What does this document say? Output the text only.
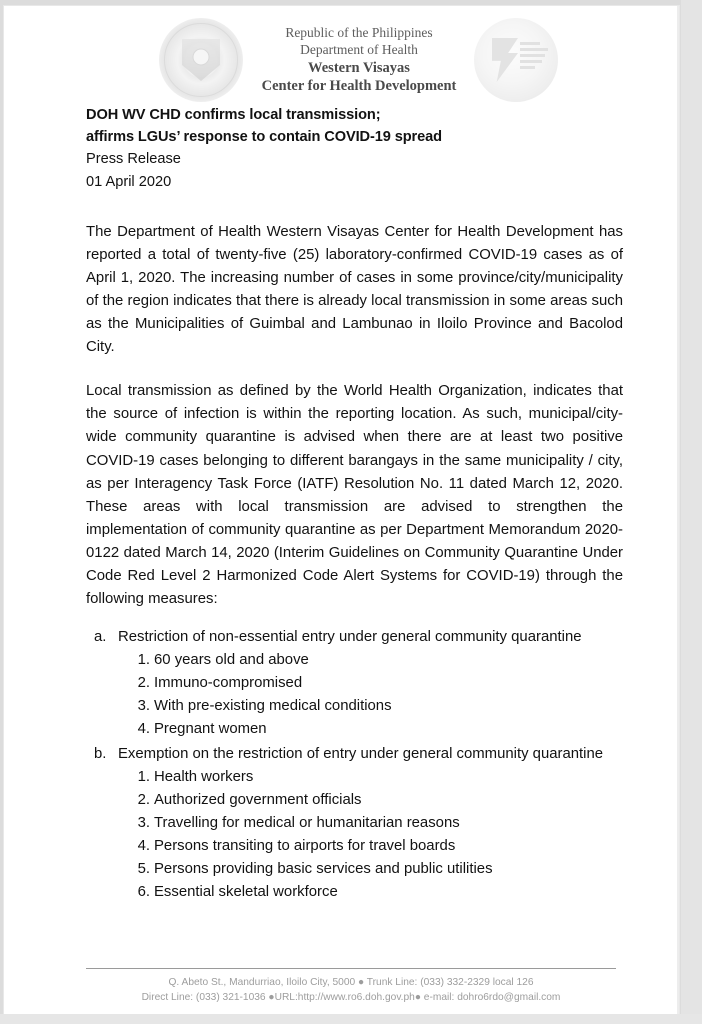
Republic of the Philippines
Department of Health
Western Visayas
Center for Health Development
DOH WV CHD confirms local transmission;
affirms LGUs’ response to contain COVID-19 spread
Press Release
01 April 2020

The Department of Health Western Visayas Center for Health Development has reported a total of twenty-five (25) laboratory-confirmed COVID-19 cases as of April 1, 2020. The increasing number of cases in some province/city/municipality of the region indicates that there is already local transmission in some areas such as the Municipalities of Guimbal and Lambunao in Iloilo Province and Bacolod City.

Local transmission as defined by the World Health Organization, indicates that the source of infection is within the reporting location. As such, municipal/city-wide community quarantine is advised when there are at least two positive COVID-19 cases belonging to different barangays in the same municipality / city, as per Interagency Task Force (IATF) Resolution No. 11 dated March 12, 2020. These areas with local transmission are advised to strengthen the implementation of community quarantine as per Department Memorandum 2020-0122 dated March 14, 2020 (Interim Guidelines on Community Quarantine Under Code Red Level 2 Harmonized Code Alert Systems for COVID-19) through the following measures:

a. Restriction of non-essential entry under general community quarantine
1. 60 years old and above
2. Immuno-compromised
3. With pre-existing medical conditions
4. Pregnant women
b. Exemption on the restriction of entry under general community quarantine
1. Health workers
2. Authorized government officials
3. Travelling for medical or humanitarian reasons
4. Persons transiting to airports for travel boards
5. Persons providing basic services and public utilities
6. Essential skeletal workforce
Q. Abeto St., Mandurriao, Iloilo City, 5000 ● Trunk Line: (033) 332-2329 local 126
Direct Line: (033) 321-1036 ●URL:http://www.ro6.doh.gov.ph● e-mail: dohro6rdo@gmail.com
